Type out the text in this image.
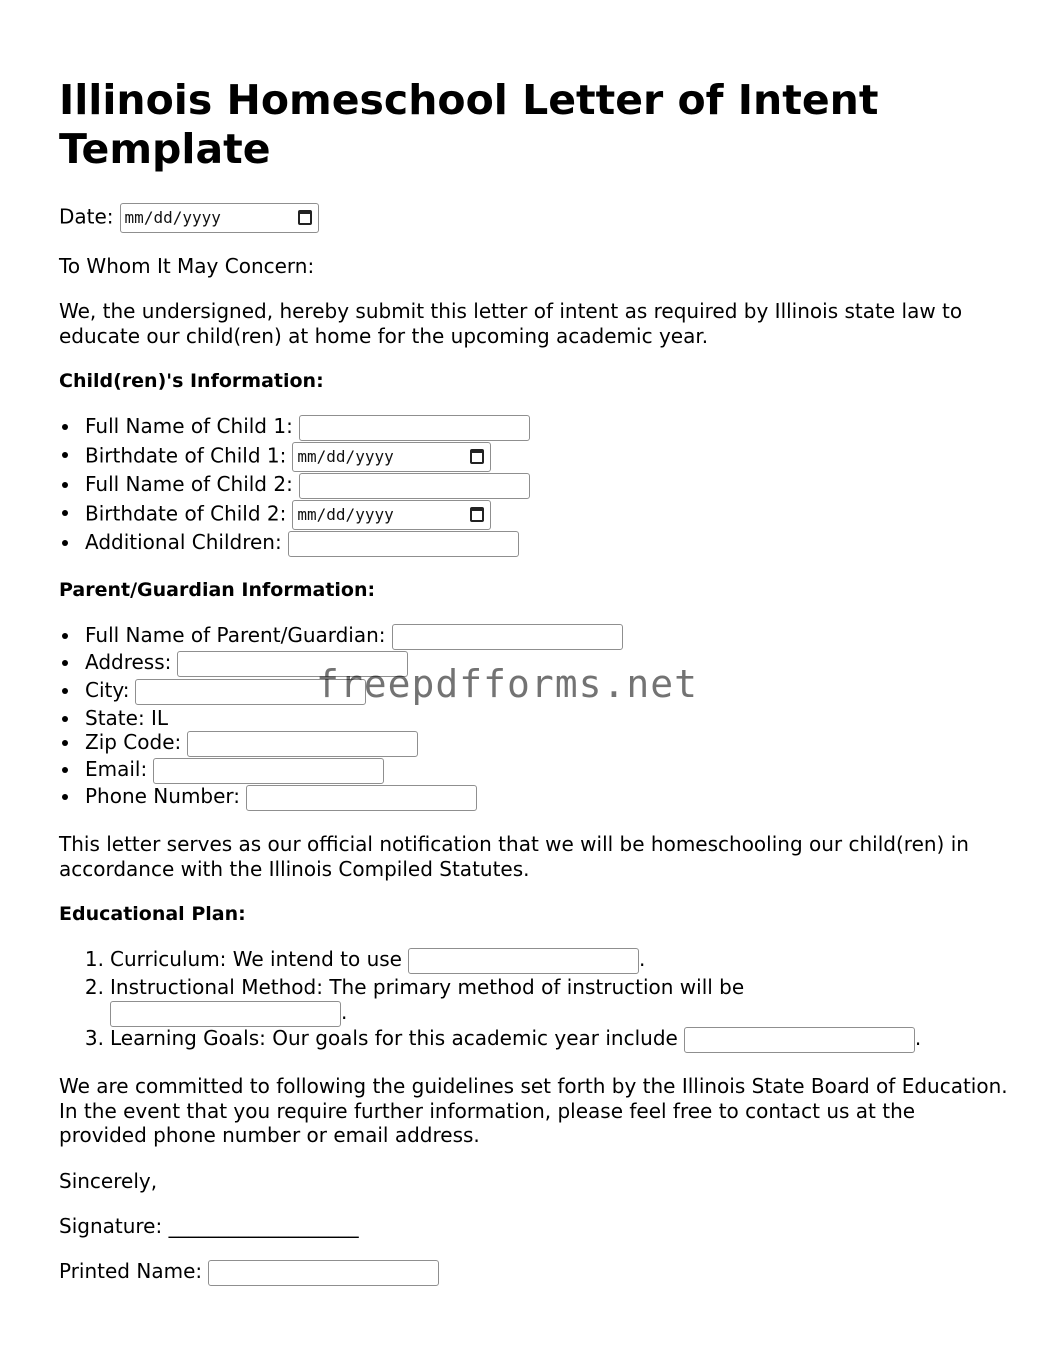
Illinois Homeschool Letter of Intent Template
Date: mm/dd/yyyy
To Whom It May Concern:
We, the undersigned, hereby submit this letter of intent as required by Illinois state law to educate our child(ren) at home for the upcoming academic year.
Child(ren)'s Information:
Full Name of Child 1:
Birthdate of Child 1: mm/dd/yyyy
Full Name of Child 2:
Birthdate of Child 2: mm/dd/yyyy
Additional Children:
Parent/Guardian Information:
Full Name of Parent/Guardian:
Address:
City:
State: IL
Zip Code:
Email:
Phone Number:
This letter serves as our official notification that we will be homeschooling our child(ren) in accordance with the Illinois Compiled Statutes.
Educational Plan:
1. Curriculum: We intend to use	.
2. Instructional Method: The primary method of instruction will be
.
3. Learning Goals: Our goals for this academic year include	.
We are committed to following the guidelines set forth by the Illinois State Board of Education. In the event that you require further information, please feel free to contact us at the provided phone number or email address.
Sincerely,
Signature: ___________________
Printed Name:
freepdfforms.net
